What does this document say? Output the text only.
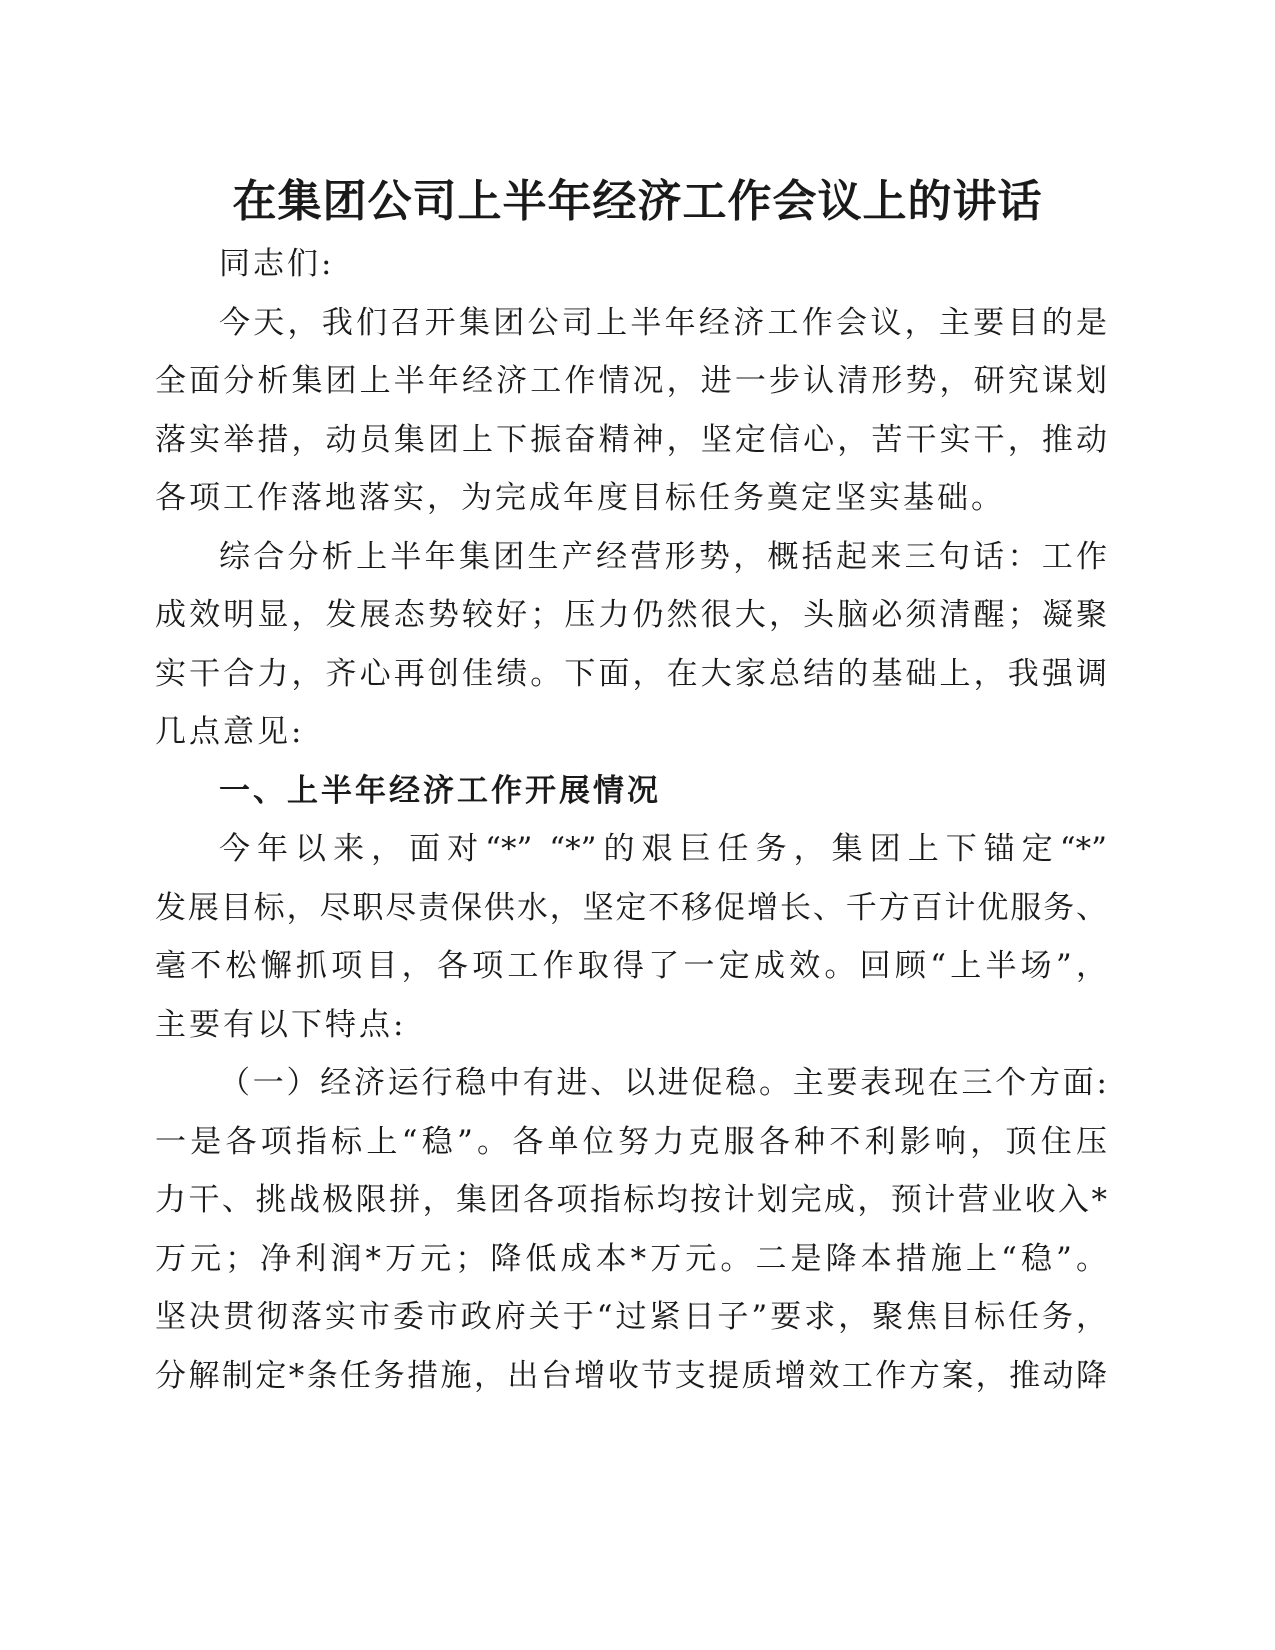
在集团公司上半年经济工作会议上的讲话
同志们:
今天，我们召开集团公司上半年经济工作会议，主要目的是
全面分析集团上半年经济工作情况，进一步认清形势，研究谋划
落实举措，动员集团上下振奋精神，坚定信心，苦干实干，推动
各项工作落地落实，为完成年度目标任务奠定坚实基础。
综合分析上半年集团生产经营形势，概括起来三句话：工作
成效明显，发展态势较好；压力仍然很大，头脑必须清醒；凝聚
实干合力，齐心再创佳绩。下面，在大家总结的基础上，我强调
几点意见:
一、上半年经济工作开展情况
今年以来，面对“*” “*”的艰巨任务，集团上下锚定“*”
发展目标，尽职尽责保供水，坚定不移促增长、千方百计优服务、
毫不松懈抓项目，各项工作取得了一定成效。回顾“上半场”，
主要有以下特点:
（一）经济运行稳中有进、以进促稳。主要表现在三个方面:
一是各项指标上“稳”。各单位努力克服各种不利影响，顶住压
力干、挑战极限拼，集团各项指标均按计划完成，预计营业收入*
万元；净利润*万元；降低成本*万元。二是降本措施上“稳”。
坚决贯彻落实市委市政府关于“过紧日子”要求，聚焦目标任务，
分解制定*条任务措施，出台增收节支提质增效工作方案，推动降
